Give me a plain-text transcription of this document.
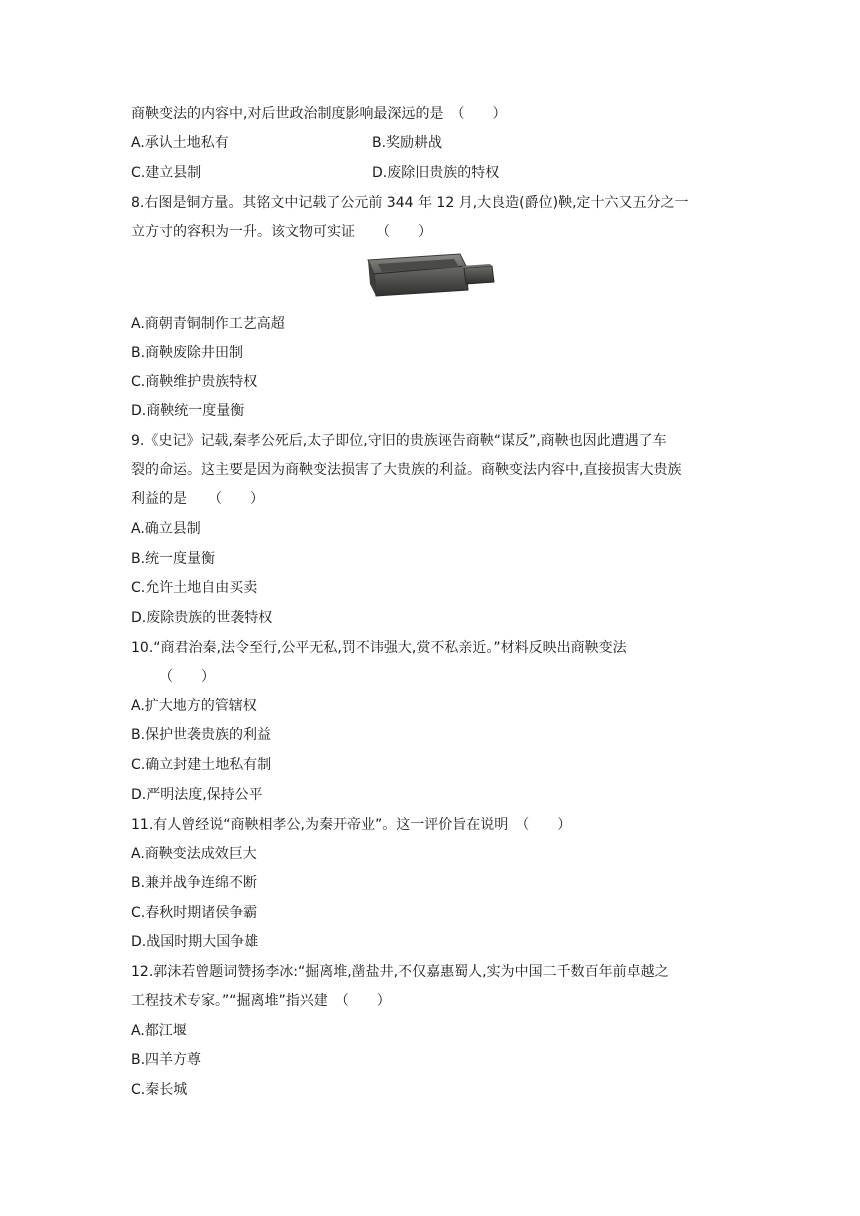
商鞅变法的内容中,对后世政治制度影响最深远的是　（　　）
A.承认土地私有	B.奖励耕战
C.建立县制	D.废除旧贵族的特权
8.右图是铜方量。其铭文中记载了公元前 344 年 12 月,大良造(爵位)鞅,定十六又五分之一
立方寸的容积为一升。该文物可实证　　（　　）
A.商朝青铜制作工艺高超
B.商鞅废除井田制
C.商鞅维护贵族特权
D.商鞅统一度量衡
9.《史记》记载,秦孝公死后,太子即位,守旧的贵族诬告商鞅“谋反”,商鞅也因此遭遇了车
裂的命运。这主要是因为商鞅变法损害了大贵族的利益。商鞅变法内容中,直接损害大贵族
利益的是　　（　　）
A.确立县制
B.统一度量衡
C.允许土地自由买卖
D.废除贵族的世袭特权
10.“商君治秦,法令至行,公平无私,罚不讳强大,赏不私亲近。”材料反映出商鞅变法
（　　）
A.扩大地方的管辖权
B.保护世袭贵族的利益
C.确立封建土地私有制
D.严明法度,保持公平
11.有人曾经说“商鞅相孝公,为秦开帝业”。这一评价旨在说明　（　　）
A.商鞅变法成效巨大
B.兼并战争连绵不断
C.春秋时期诸侯争霸
D.战国时期大国争雄
12.郭沫若曾题词赞扬李冰:“掘离堆,凿盐井,不仅嘉惠蜀人,实为中国二千数百年前卓越之
工程技术专家。”“掘离堆”指兴建　（　　）
A.都江堰
B.四羊方尊
C.秦长城
